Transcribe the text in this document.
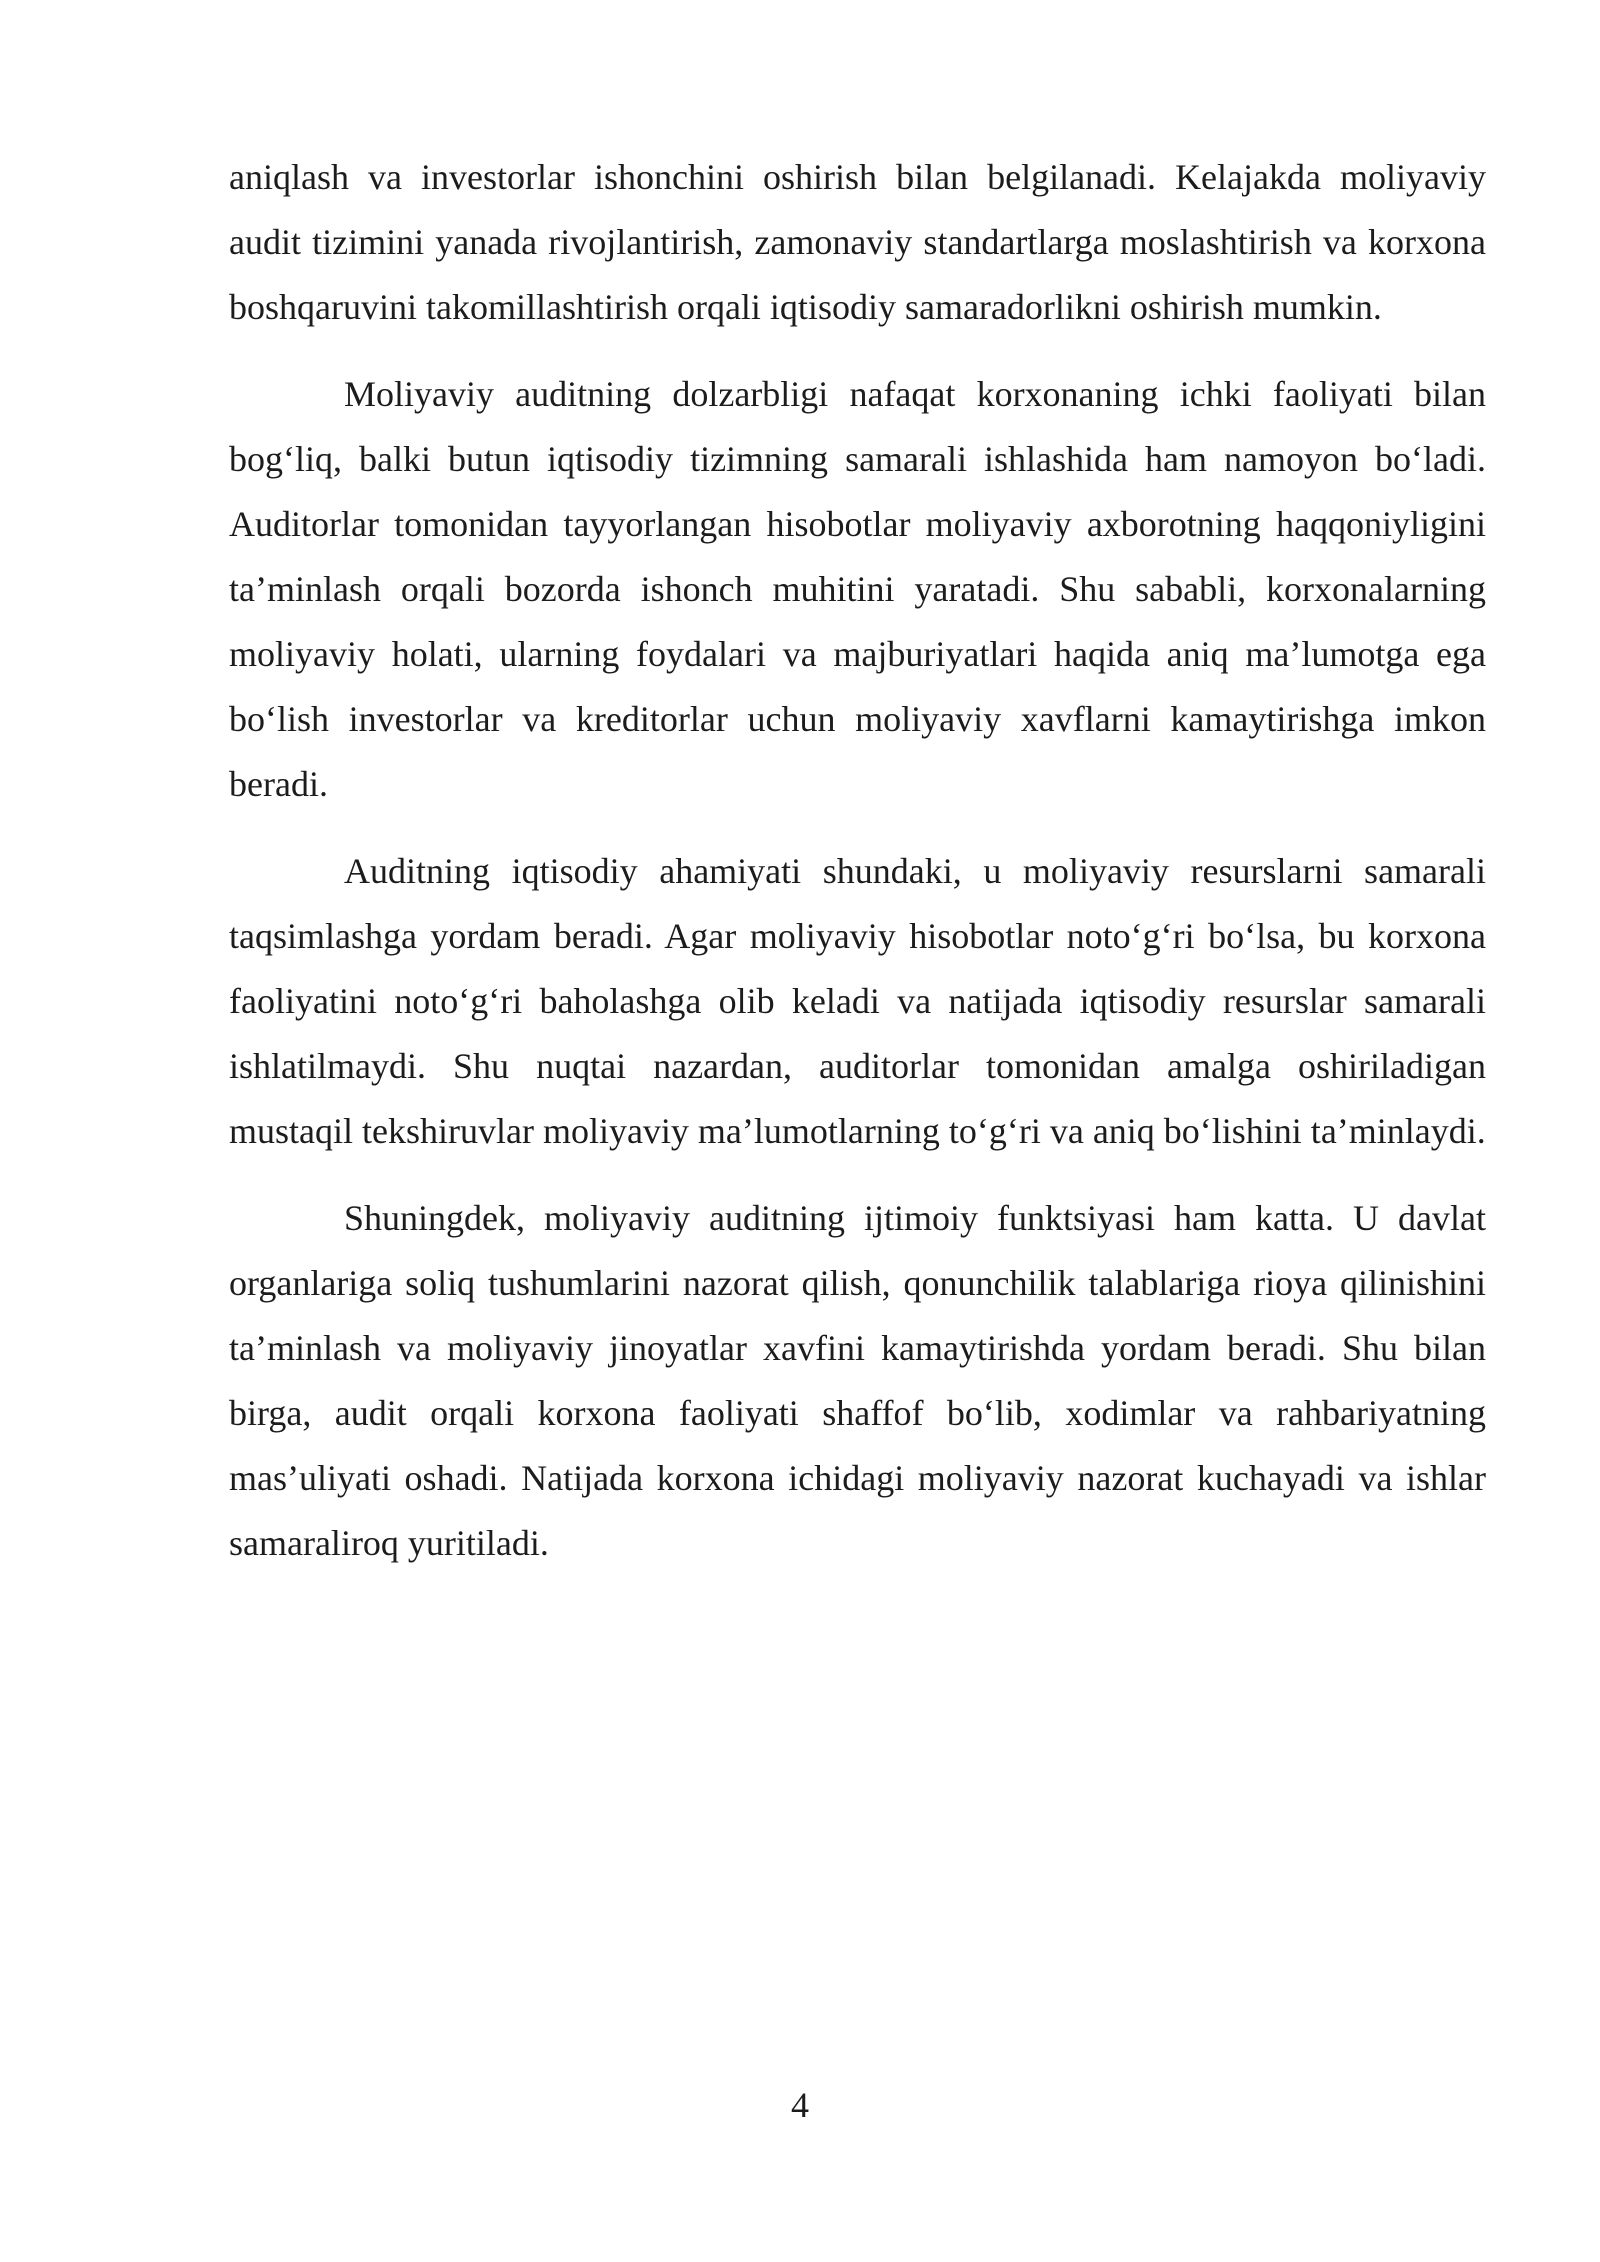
aniqlash va investorlar ishonchini oshirish bilan belgilanadi. Kelajakda moliyaviy audit tizimini yanada rivojlantirish, zamonaviy standartlarga moslashtirish va korxona boshqaruvini takomillashtirish orqali iqtisodiy samaradorlikni oshirish mumkin.

Moliyaviy auditning dolzarbligi nafaqat korxonaning ichki faoliyati bilan bog‘liq, balki butun iqtisodiy tizimning samarali ishlashida ham namoyon bo‘ladi. Auditorlar tomonidan tayyorlangan hisobotlar moliyaviy axborotning haqqoniyligini ta’minlash orqali bozorda ishonch muhitini yaratadi. Shu sababli, korxonalarning moliyaviy holati, ularning foydalari va majburiyatlari haqida aniq ma’lumotga ega bo‘lish investorlar va kreditorlar uchun moliyaviy xavflarni kamaytirishga imkon beradi.

Auditning iqtisodiy ahamiyati shundaki, u moliyaviy resurslarni samarali taqsimlashga yordam beradi. Agar moliyaviy hisobotlar noto‘g‘ri bo‘lsa, bu korxona faoliyatini noto‘g‘ri baholashga olib keladi va natijada iqtisodiy resurslar samarali ishlatilmaydi. Shu nuqtai nazardan, auditorlar tomonidan amalga oshiriladigan mustaqil tekshiruvlar moliyaviy ma’lumotlarning to‘g‘ri va aniq bo‘lishini ta’minlaydi.

Shuningdek, moliyaviy auditning ijtimoiy funktsiyasi ham katta. U davlat organlariga soliq tushumlarini nazorat qilish, qonunchilik talablariga rioya qilinishini ta’minlash va moliyaviy jinoyatlar xavfini kamaytirishda yordam beradi. Shu bilan birga, audit orqali korxona faoliyati shaffof bo‘lib, xodimlar va rahbariyatning mas’uliyati oshadi. Natijada korxona ichidagi moliyaviy nazorat kuchayadi va ishlar samaraliroq yuritiladi.

4
